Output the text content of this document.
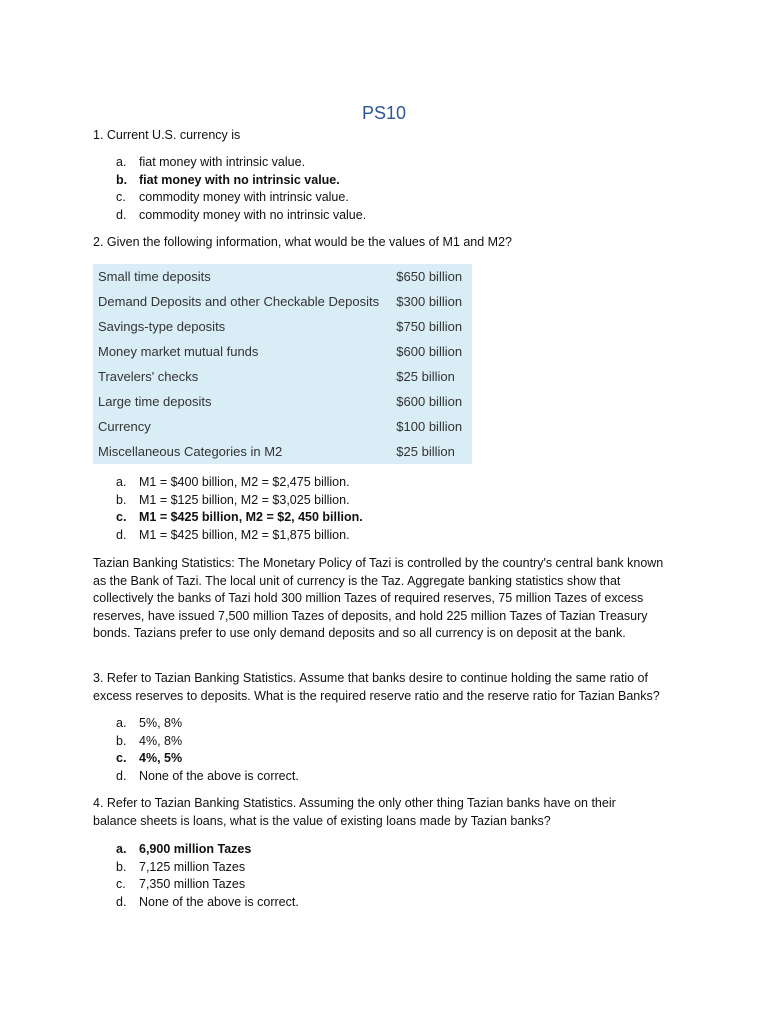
PS10
1. Current U.S. currency is
a.	fiat money with intrinsic value.
b. fiat money with no intrinsic value.
c.	commodity money with intrinsic value.
d.	commodity money with no intrinsic value.
2. Given the following information, what would be the values of M1 and M2?
Small time deposits	$650 billion
Demand Deposits and other Checkable Deposits	$300 billion
Savings-type deposits	$750 billion
Money market mutual funds	$600 billion
Travelers' checks	$25 billion
Large time deposits	$600 billion
Currency	$100 billion
Miscellaneous Categories in M2	$25 billion
a.	M1 = $400 billion, M2 = $2,475 billion.
b.	M1 = $125 billion, M2 = $3,025 billion.
c.	M1 = $425 billion, M2 = $2, 450 billion.
d.	M1 = $425 billion, M2 = $1,875 billion.
Tazian Banking Statistics: The Monetary Policy of Tazi is controlled by the country's central bank known as the Bank of Tazi. The local unit of currency is the Taz. Aggregate banking statistics show that collectively the banks of Tazi hold 300 million Tazes of required reserves, 75 million Tazes of excess reserves, have issued 7,500 million Tazes of deposits, and hold 225 million Tazes of Tazian Treasury bonds. Tazians prefer to use only demand deposits and so all currency is on deposit at the bank.
3. Refer to Tazian Banking Statistics. Assume that banks desire to continue holding the same ratio of excess reserves to deposits. What is the required reserve ratio and the reserve ratio for Tazian Banks?
a.	5%, 8%
b.	4%, 8%
c.	4%, 5%
d.	None of the above is correct.
4. Refer to Tazian Banking Statistics. Assuming the only other thing Tazian banks have on their balance sheets is loans, what is the value of existing loans made by Tazian banks?
a.	6,900 million Tazes
b.	7,125 million Tazes
c.	7,350 million Tazes
d.	None of the above is correct.
